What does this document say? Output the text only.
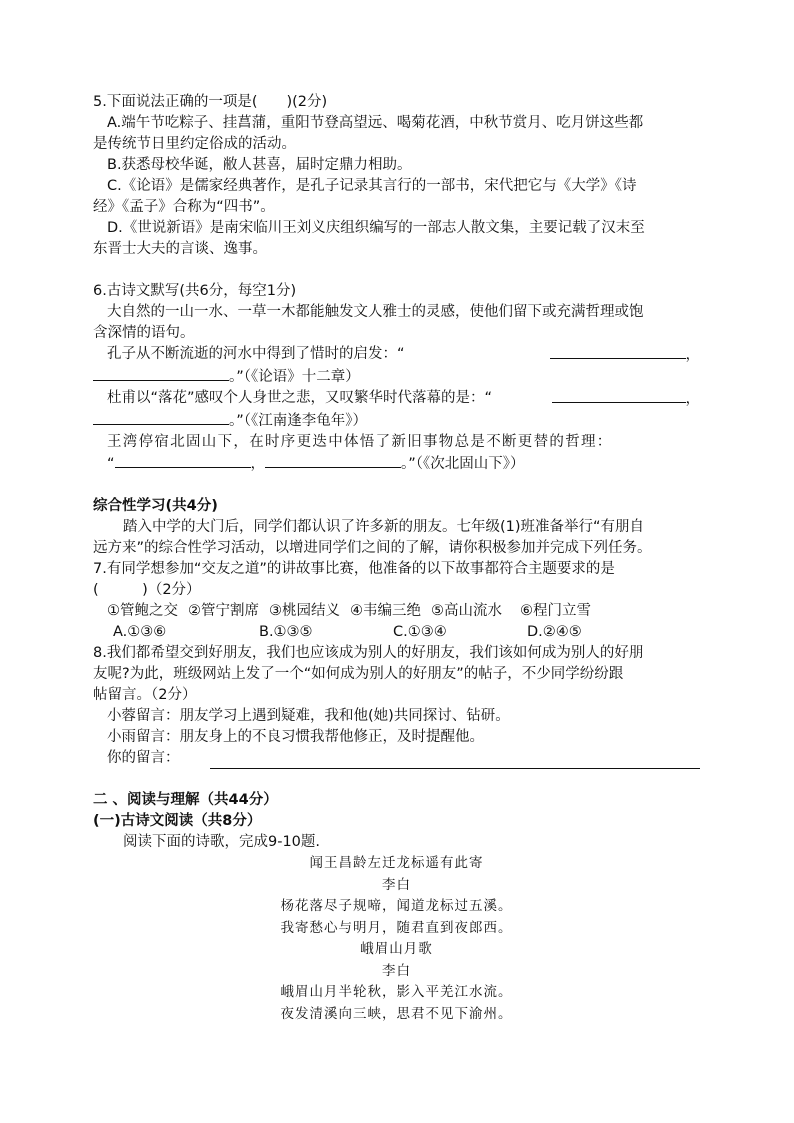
5.下面说法正确的一项是(　　)(2分)
A.端午节吃粽子、挂菖蒲，重阳节登高望远、喝菊花酒，中秋节赏月、吃月饼这些都
是传统节日里约定俗成的活动。
B.获悉母校华诞，敝人甚喜，届时定鼎力相助。
C.《论语》是儒家经典著作，是孔子记录其言行的一部书，宋代把它与《大学》《诗
经》《孟子》合称为“四书”。
D.《世说新语》是南宋临川王刘义庆组织编写的一部志人散文集，主要记载了汉末至
东晋士大夫的言谈、逸事。
6.古诗文默写(共6分，每空1分)
大自然的一山一水、一草一木都能触发文人雅士的灵感，使他们留下或充满哲理或饱
含深情的语句。
孔子从不断流逝的河水中得到了惜时的启发：“	，
。”（《论语》十二章）
杜甫以“落花”感叹个人身世之悲，又叹繁华时代落幕的是：“	，
。”（《江南逢李龟年》）
王湾停宿北固山下，在时序更迭中体悟了新旧事物总是不断更替的哲理：
“	，	。”（《次北固山下》）
综合性学习(共4分)
踏入中学的大门后，同学们都认识了许多新的朋友。七年级(1)班准备举行“有朋自
远方来”的综合性学习活动，以增进同学们之间的了解，请你积极参加并完成下列任务。
7.有同学想参加“交友之道”的讲故事比赛，他准备的以下故事都符合主题要求的是
(　　　)（2分）
①管鲍之交 ②管宁割席 ③桃园结义 ④韦编三绝 ⑤高山流水 ⑥程门立雪
A.①③⑥	B.①③⑤	C.①③④	D.②④⑤
8.我们都希望交到好朋友，我们也应该成为别人的好朋友，我们该如何成为别人的好朋
友呢?为此，班级网站上发了一个“如何成为别人的好朋友”的帖子，不少同学纷纷跟
帖留言。（2分）
小蓉留言：朋友学习上遇到疑难，我和他(她)共同探讨、钻研。
小雨留言：朋友身上的不良习惯我帮他修正，及时提醒他。
你的留言：
二 、阅读与理解（共44分）
(一)古诗文阅读（共8分）
阅读下面的诗歌，完成9-10题.
闻王昌龄左迁龙标遥有此寄
李白
杨花落尽子规啼，闻道龙标过五溪。
我寄愁心与明月，随君直到夜郎西。
峨眉山月歌
李白
峨眉山月半轮秋，影入平羌江水流。
夜发清溪向三峡，思君不见下渝州。
